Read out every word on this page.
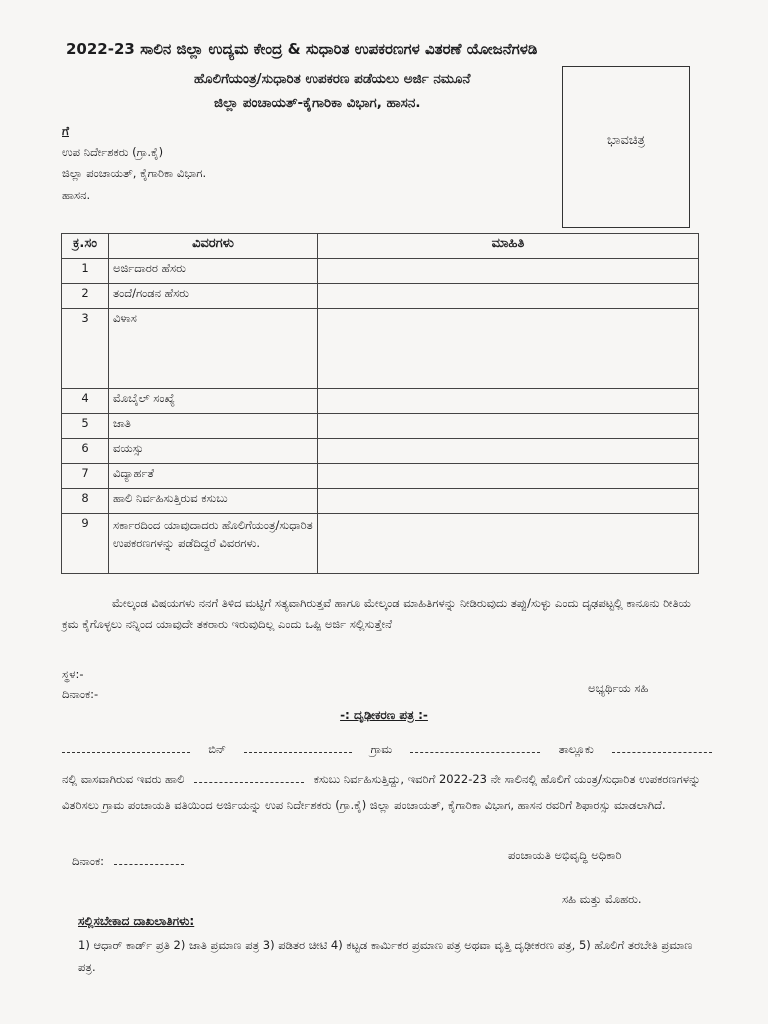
2022-23 ಸಾಲಿನ ಜಿಲ್ಲಾ ಉದ್ಯಮ ಕೇಂದ್ರ & ಸುಧಾರಿತ ಉಪಕರಣಗಳ ವಿತರಣೆ ಯೋಜನೆಗಳಡಿ
ಹೊಲಿಗೆಯಂತ್ರ/ಸುಧಾರಿತ ಉಪಕರಣ ಪಡೆಯಲು ಅರ್ಜಿ ನಮೂನೆ
ಜಿಲ್ಲಾ ಪಂಚಾಯತ್-ಕೈಗಾರಿಕಾ ವಿಭಾಗ, ಹಾಸನ.
ಭಾವಚಿತ್ರ
ಗೆ
ಉಪ ನಿರ್ದೇಶಕರು (ಗ್ರಾ.ಕೈ)
ಜಿಲ್ಲಾ ಪಂಚಾಯತ್, ಕೈಗಾರಿಕಾ ವಿಭಾಗ.
ಹಾಸನ.
ಕ್ರ.ಸಂ	ವಿವರಗಳು	ಮಾಹಿತಿ
1	ಅರ್ಜಿದಾರರ ಹೆಸರು	
2	ತಂದೆ/ಗಂಡನ ಹೆಸರು	
3	ವಿಳಾಸ	
4	ಮೊಬೈಲ್ ಸಂಖ್ಯೆ	
5	ಜಾತಿ	
6	ವಯಸ್ಸು	
7	ವಿದ್ಯಾರ್ಹತೆ	
8	ಹಾಲಿ ನಿರ್ವಹಿಸುತ್ತಿರುವ ಕಸುಬು	
9	ಸರ್ಕಾರದಿಂದ ಯಾವುದಾದರು ಹೊಲಿಗೆಯಂತ್ರ/ಸುಧಾರಿತ ಉಪಕರಣಗಳನ್ನು ಪಡೆದಿದ್ದರೆ ವಿವರಗಳು.	
ಮೇಲ್ಕಂಡ ವಿಷಯಗಳು ನನಗೆ ತಿಳಿದ ಮಟ್ಟಿಗೆ ಸತ್ಯವಾಗಿರುತ್ತವೆ ಹಾಗೂ ಮೇಲ್ಕಂಡ ಮಾಹಿತಿಗಳನ್ನು ನೀಡಿರುವುದು ತಪ್ಪು/ಸುಳ್ಳು ಎಂದು ದೃಢಪಟ್ಟಲ್ಲಿ ಕಾನೂನು ರೀತಿಯ ಕ್ರಮ ಕೈಗೊಳ್ಳಲು ನನ್ನಿಂದ ಯಾವುದೇ ತಕರಾರು ಇರುವುದಿಲ್ಲ ಎಂದು ಒಪ್ಪಿ ಅರ್ಜಿ ಸಲ್ಲಿಸುತ್ತೇನೆ
ಸ್ಥಳ:-
ದಿನಾಂಕ:-	ಅಭ್ಯರ್ಥಿಯ ಸಹಿ
-: ದೃಢೀಕರಣ ಪತ್ರ :-
ಬಿನ್	ಗ್ರಾಮ	ತಾಲ್ಲೂಕು
ನಲ್ಲಿ ವಾಸವಾಗಿರುವ ಇವರು ಹಾಲಿ	ಕಸುಬು ನಿರ್ವಹಿಸುತ್ತಿದ್ದು, ಇವರಿಗೆ 2022-23 ನೇ ಸಾಲಿನಲ್ಲಿ ಹೊಲಿಗೆ ಯಂತ್ರ/ಸುಧಾರಿತ ಉಪಕರಣಗಳನ್ನು ವಿತರಿಸಲು ಗ್ರಾಮ ಪಂಚಾಯತಿ ವತಿಯಿಂದ ಅರ್ಜಿಯನ್ನು ಉಪ ನಿರ್ದೇಶಕರು (ಗ್ರಾ.ಕೈ) ಜಿಲ್ಲಾ ಪಂಚಾಯತ್, ಕೈಗಾರಿಕಾ ವಿಭಾಗ, ಹಾಸನ ರವರಿಗೆ ಶಿಫಾರಸ್ಸು ಮಾಡಲಾಗಿದೆ.
ದಿನಾಂಕ:	ಪಂಚಾಯತಿ ಅಭಿವೃದ್ಧಿ ಅಧಿಕಾರಿ
ಸಹಿ ಮತ್ತು ಮೊಹರು.
ಸಲ್ಲಿಸಬೇಕಾದ ದಾಖಲಾತಿಗಳು:
1) ಆಧಾರ್ ಕಾರ್ಡ್ ಪ್ರತಿ 2) ಜಾತಿ ಪ್ರಮಾಣ ಪತ್ರ 3) ಪಡಿತರ ಚೀಟಿ 4) ಕಟ್ಟಡ ಕಾರ್ಮಿಕರ ಪ್ರಮಾಣ ಪತ್ರ ಅಥವಾ ವೃತ್ತಿ ದೃಢೀಕರಣ ಪತ್ರ, 5) ಹೊಲಿಗೆ ತರಬೇತಿ ಪ್ರಮಾಣ ಪತ್ರ.
